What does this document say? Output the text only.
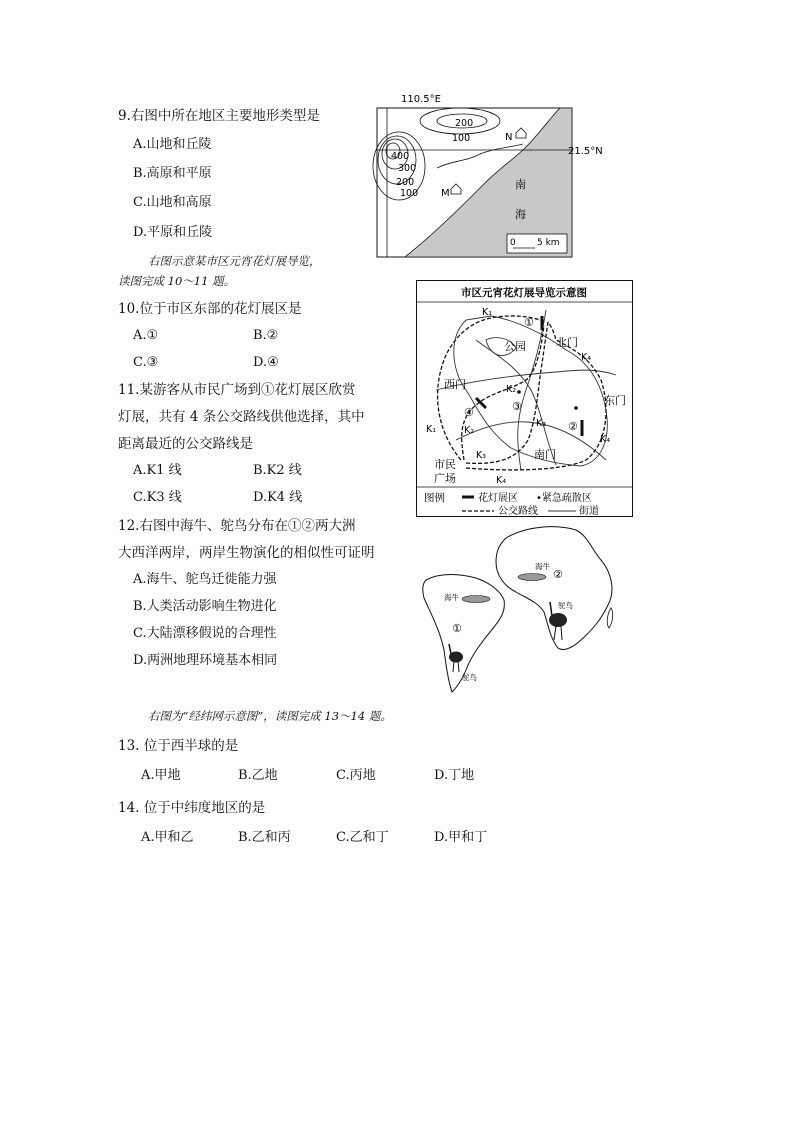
9.右图中所在地区主要地形类型是
A.山地和丘陵
B.高原和平原
C.山地和高原
D.平原和丘陵
110.5°E
21.5°N
200
100
400
300
200
100
N
M
南
海
0 5 km
右图示意某市区元宵花灯展导览，
读图完成 10～11 题。
10.位于市区东部的花灯展区是
A.①	B.②
C.③	D.④
11.某游客从市民广场到①花灯展区欣赏
灯展，共有 4 条公交路线供他选择，其中
距离最近的公交路线是
A.K1 线	B.K2 线
C.K3 线	D.K4 线
市区元宵花灯展导览示意图
K₁
K₁	K₂
K₂
K₃
K₃
K₄
K₄
K₄
公园	北门
西门
东门
南门
市民
广场
①
②
③
④
图例	花灯展区 •紧急疏散区
公交路线	街道
12.右图中海牛、鸵鸟分布在①②两大洲
大西洋两岸，两岸生物演化的相似性可证明
A.海牛、鸵鸟迁徙能力强
B.人类活动影响生物进化
C.大陆漂移假说的合理性
D.两洲地理环境基本相同
②
①
海牛
海牛
鸵鸟
鸵鸟
右图为“经纬网示意图”，读图完成 13～14 题。
13. 位于西半球的是
A.甲地	B.乙地	C.丙地	D.丁地
14. 位于中纬度地区的是
A.甲和乙	B.乙和丙	C.乙和丁	D.甲和丁
